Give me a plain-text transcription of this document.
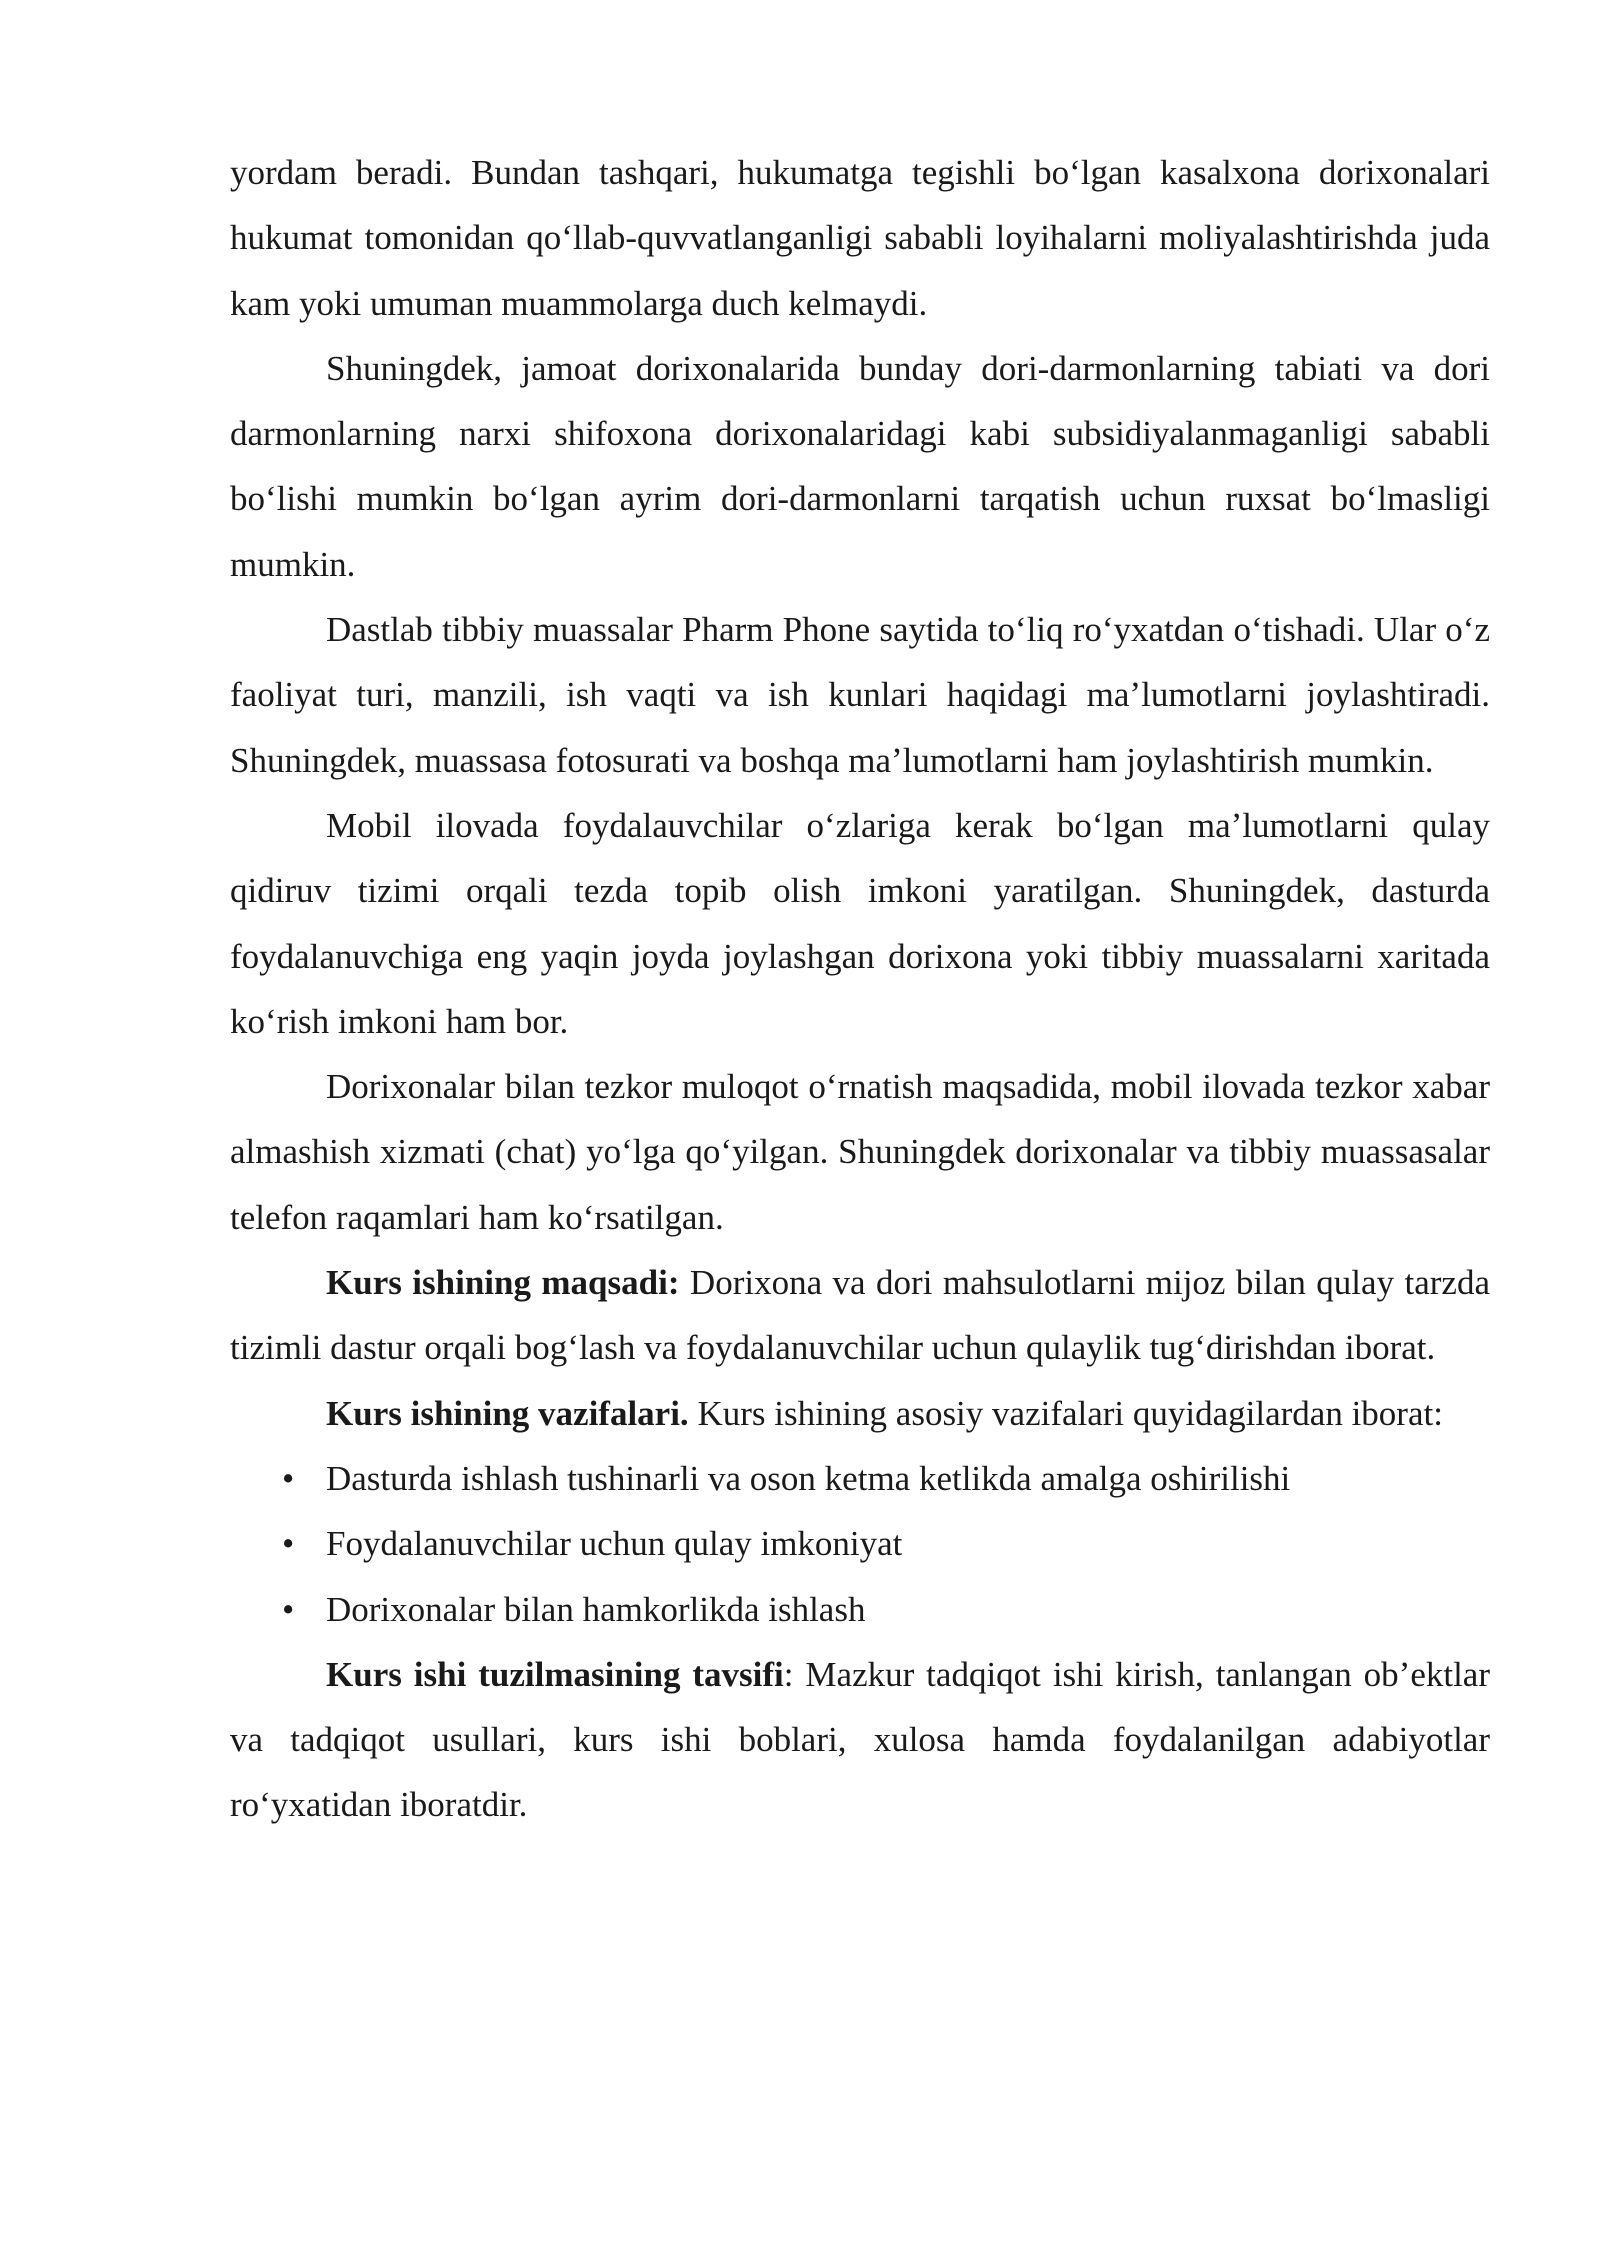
yordam beradi. Bundan tashqari, hukumatga tegishli boʻlgan kasalxona dorixonalari hukumat tomonidan qoʻllab-quvvatlanganligi sababli loyihalarni moliyalashtirishda juda kam yoki umuman muammolarga duch kelmaydi.

Shuningdek, jamoat dorixonalarida bunday dori-darmonlarning tabiati va dori darmonlarning narxi shifoxona dorixonalaridagi kabi subsidiyalanmaganligi sababli boʻlishi mumkin boʻlgan ayrim dori-darmonlarni tarqatish uchun ruxsat boʻlmasligi mumkin.

Dastlab tibbiy muassalar Pharm Phone saytida toʻliq roʻyxatdan oʻtishadi. Ular oʻz faoliyat turi, manzili, ish vaqti va ish kunlari haqidagi maʼlumotlarni joylashtiradi. Shuningdek, muassasa fotosurati va boshqa maʼlumotlarni ham joylashtirish mumkin.

Mobil ilovada foydalauvchilar oʻzlariga kerak boʻlgan maʼlumotlarni qulay qidiruv tizimi orqali tezda topib olish imkoni yaratilgan. Shuningdek, dasturda foydalanuvchiga eng yaqin joyda joylashgan dorixona yoki tibbiy muassalarni xaritada koʻrish imkoni ham bor.

Dorixonalar bilan tezkor muloqot oʻrnatish maqsadida, mobil ilovada tezkor xabar almashish xizmati (chat) yoʻlga qoʻyilgan. Shuningdek dorixonalar va tibbiy muassasalar telefon raqamlari ham koʻrsatilgan.

Kurs ishining maqsadi: Dorixona va dori mahsulotlarni mijoz bilan qulay tarzda tizimli dastur orqali bogʻlash va foydalanuvchilar uchun qulaylik tugʻdirishdan iborat.

Kurs ishining vazifalari. Kurs ishining asosiy vazifalari quyidagilardan iborat:

• Dasturda ishlash tushinarli va oson ketma ketlikda amalga oshirilishi
• Foydalanuvchilar uchun qulay imkoniyat
• Dorixonalar bilan hamkorlikda ishlash

Kurs ishi tuzilmasining tavsifi: Mazkur tadqiqot ishi kirish, tanlangan obʼektlar va tadqiqot usullari, kurs ishi boblari, xulosa hamda foydalanilgan adabiyotlar roʻyxatidan iboratdir.
